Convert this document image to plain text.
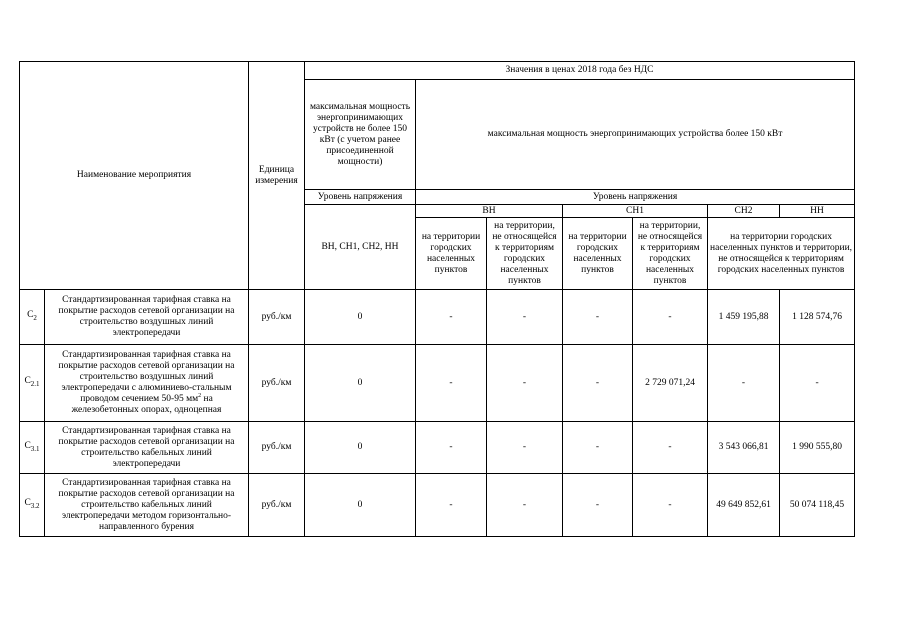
Наименование мероприятия		Единица измерения	Значения в ценах 2018 года без НДС						
			максимальная мощность энергопринимающих устройств не более 150 кВт (с учетом ранее присоединенной мощности)	максимальная мощность энергопринимающих устройства более 150 кВт					
			Уровень напряжения	Уровень напряжения					
			ВН, СН1, СН2, НН	ВН		СН1		СН2	НН
				на территории городских населенных пунктов	на территории, не относящейся к территориям городских населенных пунктов	на территории городских населенных пунктов	на территории, не относящейся к территориям городских населенных пунктов	на территории городских населенных пунктов и территории, не относящейся к территориям городских населенных пунктов	
$С_2$	Стандартизированная тарифная ставка на покрытие расходов сетевой организации на строительство воздушных линий электропередачи	руб./км	0	-	-	-	-	1 459 195,88	1 128 574,76
$С_{2.1}$	Стандартизированная тарифная ставка на покрытие расходов сетевой организации на строительство воздушных линий электропередачи с алюминиево-стальным проводом сечением 50-95 $мм^2$ на железобетонных опорах, одноцепная	руб./км	0	-	-	-	2 729 071,24	-	-
$С_{3.1}$	Стандартизированная тарифная ставка на покрытие расходов сетевой организации на строительство кабельных линий электропередачи	руб./км	0	-	-	-	-	3 543 066,81	1 990 555,80
$С_{3.2}$	Стандартизированная тарифная ставка на покрытие расходов сетевой организации на строительство кабельных линий электропередачи методом горизонтально-направленного бурения	руб./км	0	-	-	-	-	49 649 852,61	50 074 118,45
